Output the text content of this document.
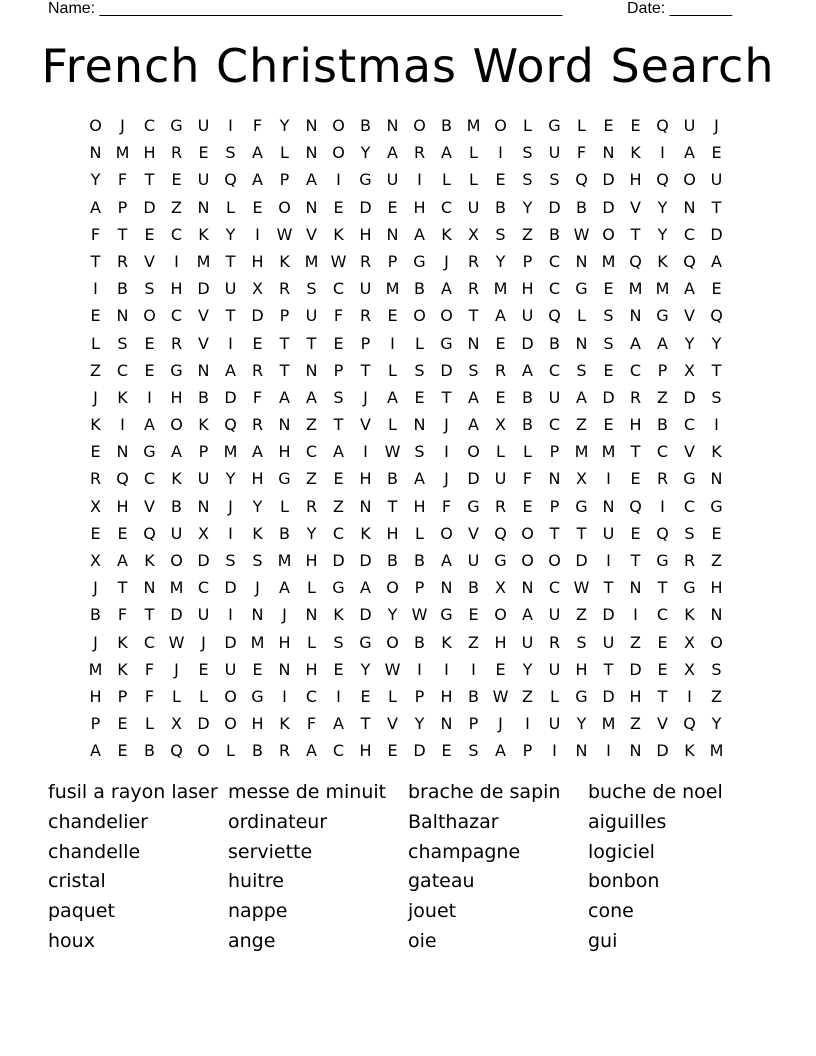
Name: ____________________________________________________	Date: _______
French Christmas Word Search
O	J	C G U	I	F	Y	N O B N O B M O	L	G	L	E	E Q U	J
N M H R	E	S	A	L	N O Y	A R A	L	I	S	U	F	N K	I	A	E
Y	F	T	E	U Q A	P	A	I	G U	I	L	L	E	S	S Q D H Q O U
A	P	D Z N	L	E O N E D E H C U B	Y D B D V	Y	N	T
F	T	E	C	K	Y	I	W V	K H N A	K	X	S	Z	B W O T	Y	C D
T	R V	I	M T	H K M W R	P G	J	R	Y	P	C N M Q K Q A
I	B	S H D U X R	S	C U M B	A R M H C G E M M A	E
E N O C V	T D	P	U	F	R	E O O T	A U Q	L	S N G V Q
L	S	E	R V	I	E	T	T	E	P	I	L	G N E D B N S	A	A	Y	Y
Z C	E G N A R	T	N	P	T	L	S D S	R A C	S	E	C	P	X	T
J	K	I	H B D	F	A	A	S	J	A	E	T	A	E	B U A D R Z D S
K	I	A O K Q R N Z	T	V	L	N	J	A	X	B C Z	E H B C	I
E N G A	P M A H C A	I	W S	I	O	L	L	P M M T	C V	K
R Q C	K U	Y	H G Z	E H B	A	J	D U	F	N X	I	E	R G N
X H V	B N	J	Y	L	R Z N	T	H	F	G R	E	P G N Q	I	C G
E	E Q U X	I	K	B	Y	C	K H	L	O V Q O T	T	U	E Q S	E
X	A	K O D S	S M H D D B	B	A U G O O D	I	T G R Z
J	T	N M C D	J	A	L	G A O P	N B	X N C W T	N	T G H
B	F	T D U	I	N	J	N K D Y W G E O A U Z D	I	C	K N
J	K	C W	J	D M H	L	S G O B	K	Z H U R	S	U Z	E	X O
M K	F	J	E	U	E N H E	Y W	I	I	I	E	Y	U H	T D E	X	S
H	P	F	L	L	O G	I	C	I	E	L	P	H B W Z	L	G D H	T	I	Z
P	E	L	X D O H K	F	A	T	V	Y	N	P	J	I	U	Y M Z	V Q Y
A	E	B Q O	L	B R A C H E D E	S	A	P	I	N	I	N D K M
fusil a rayon laser
chandelier
chandelle
cristal
paquet
houx
messe de minuit
ordinateur
serviette
huitre
nappe
ange
brache de sapin
Balthazar
champagne
gateau
jouet
oie
buche de noel
aiguilles
logiciel
bonbon
cone
gui
